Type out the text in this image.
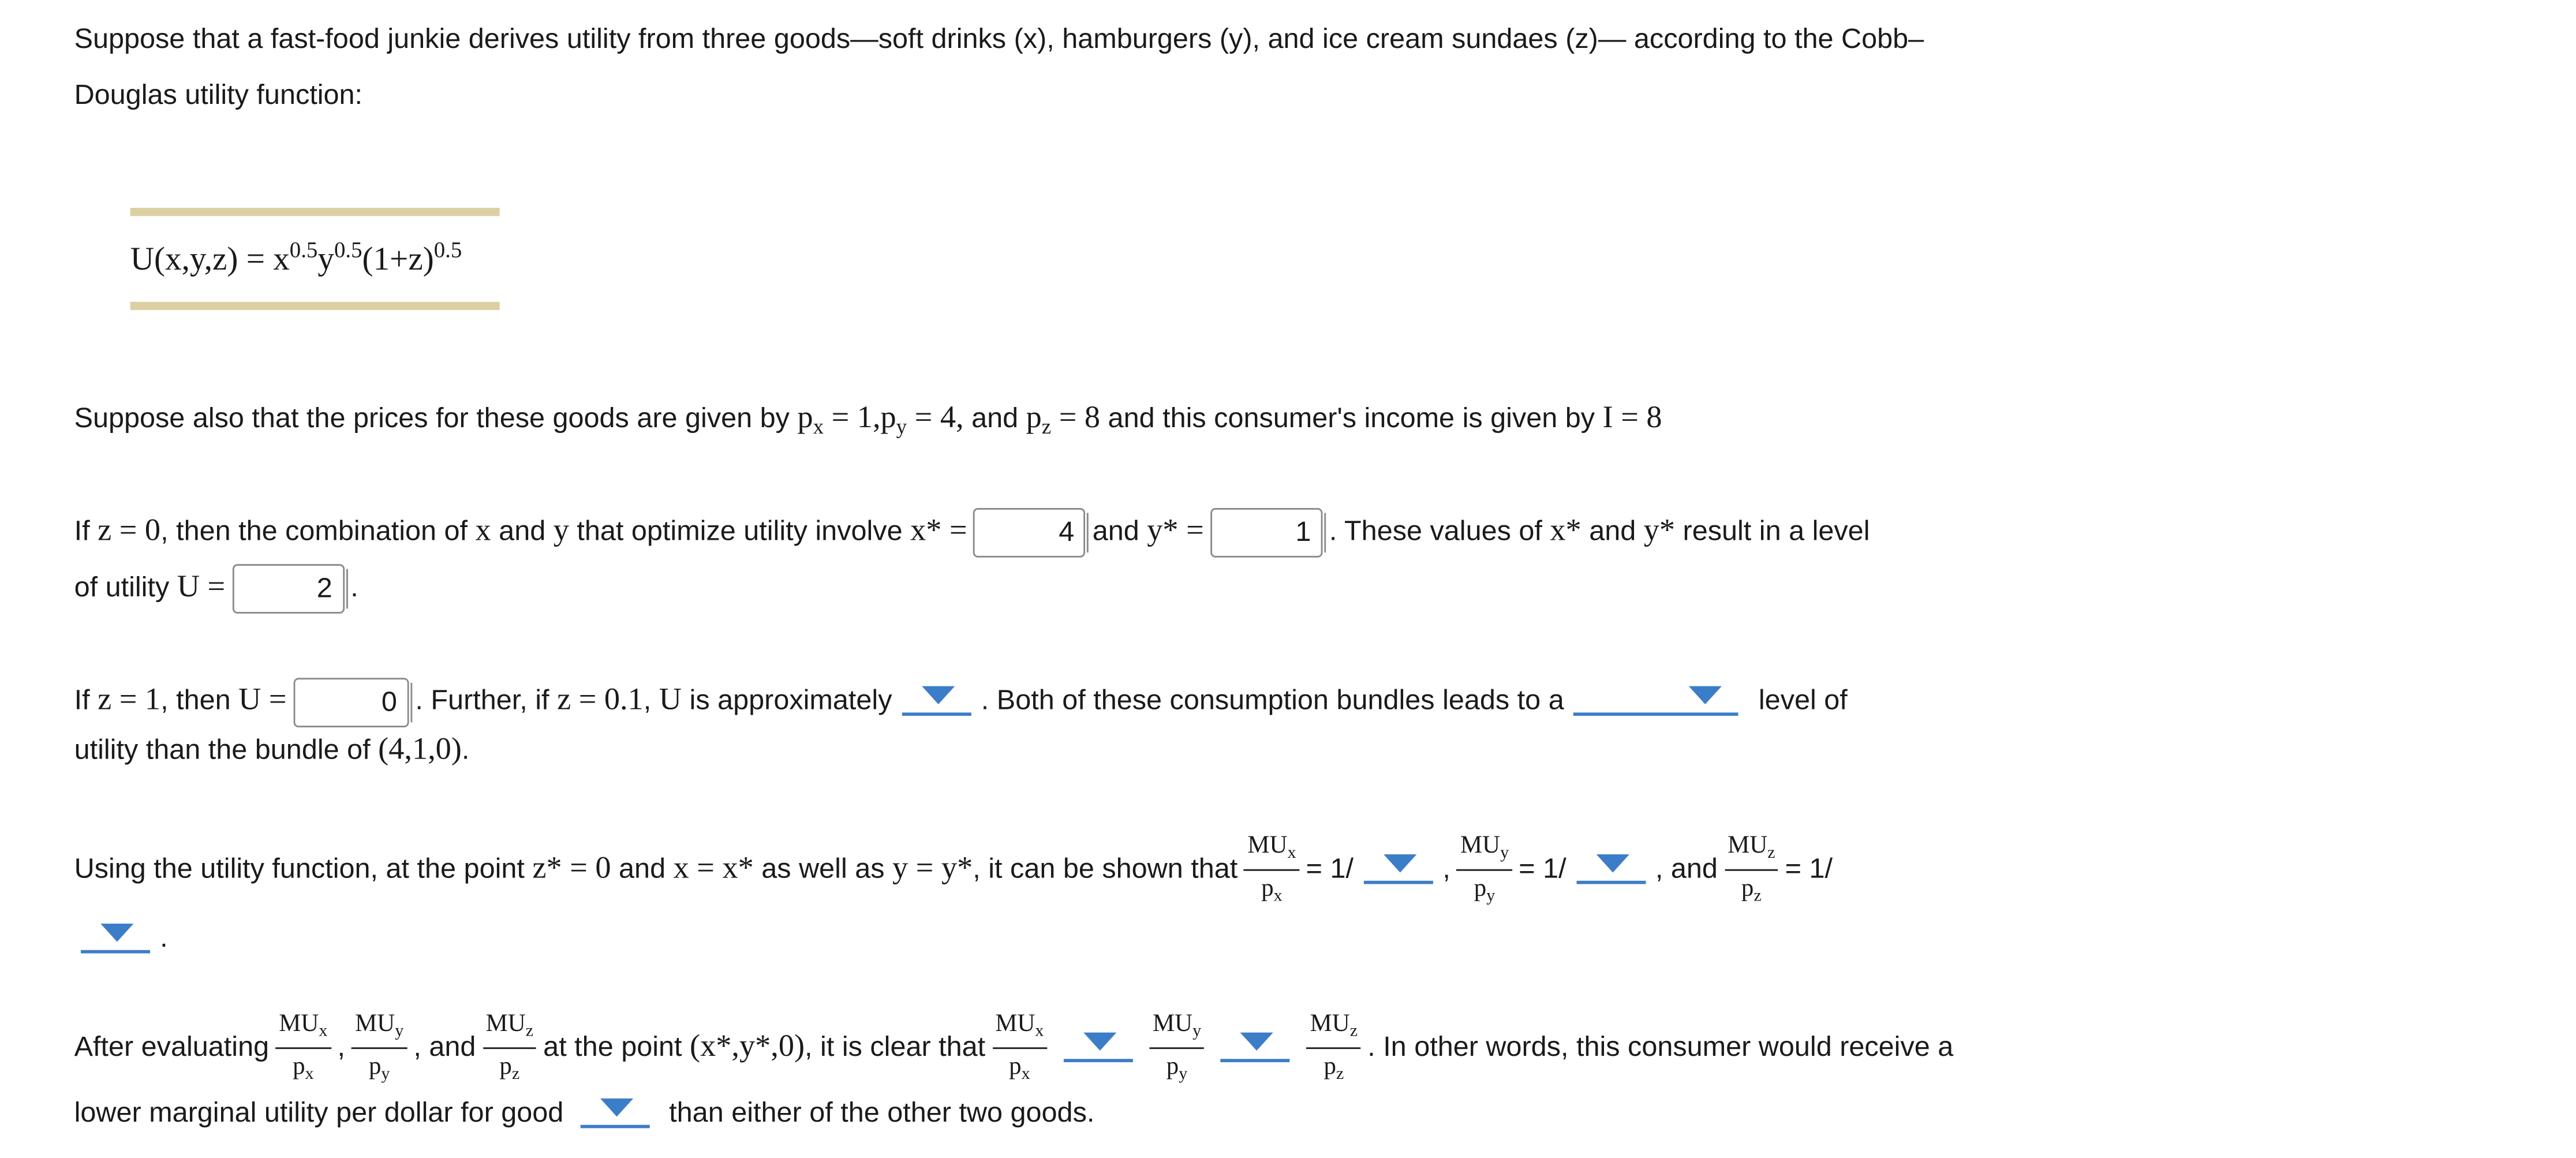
Suppose that a fast-food junkie derives utility from three goods—soft drinks (x), hamburgers (y), and ice cream sundaes (z)— according to the Cobb–
Douglas utility function:
$U(x,y,z) = x^{0.5}y^{0.5}(1+z)^{0.5}$
Suppose also that the prices for these goods are given by $p_x = 1,p_y = 4$, and $p_z = 8$ and this consumer's income is given by I = 8
If z = 0, then the combination of x and y that optimize utility involve x* =	4 and y* =	1 . These values of x* and y* result in a level
of utility U =	2 .
If z = 1, then U =	0 . Further, if z = 0.1, U is approximately	. Both of these consumption bundles leads to a	level of
utility than the bundle of (4,1,0).
Using the utility function, at the point z* = 0 and x = x* as well as y = y*, it can be shown that $\frac{MU_x}{p_x} = 1/$	, $\frac{MU_y}{p_y} = 1/$	, and $\frac{MU_z}{p_z} = 1/$
.
After evaluating $\frac{MU_x}{p_x}$ , $\frac{MU_y}{p_y}$ , and $\frac{MU_z}{p_z}$ at the point (x*,y*,0), it is clear that $\frac{MU_x}{p_x}$	$\frac{MU_y}{p_y}$	$\frac{MU_z}{p_z}$ . In other words, this consumer would receive a
lower marginal utility per dollar for good	than either of the other two goods.
